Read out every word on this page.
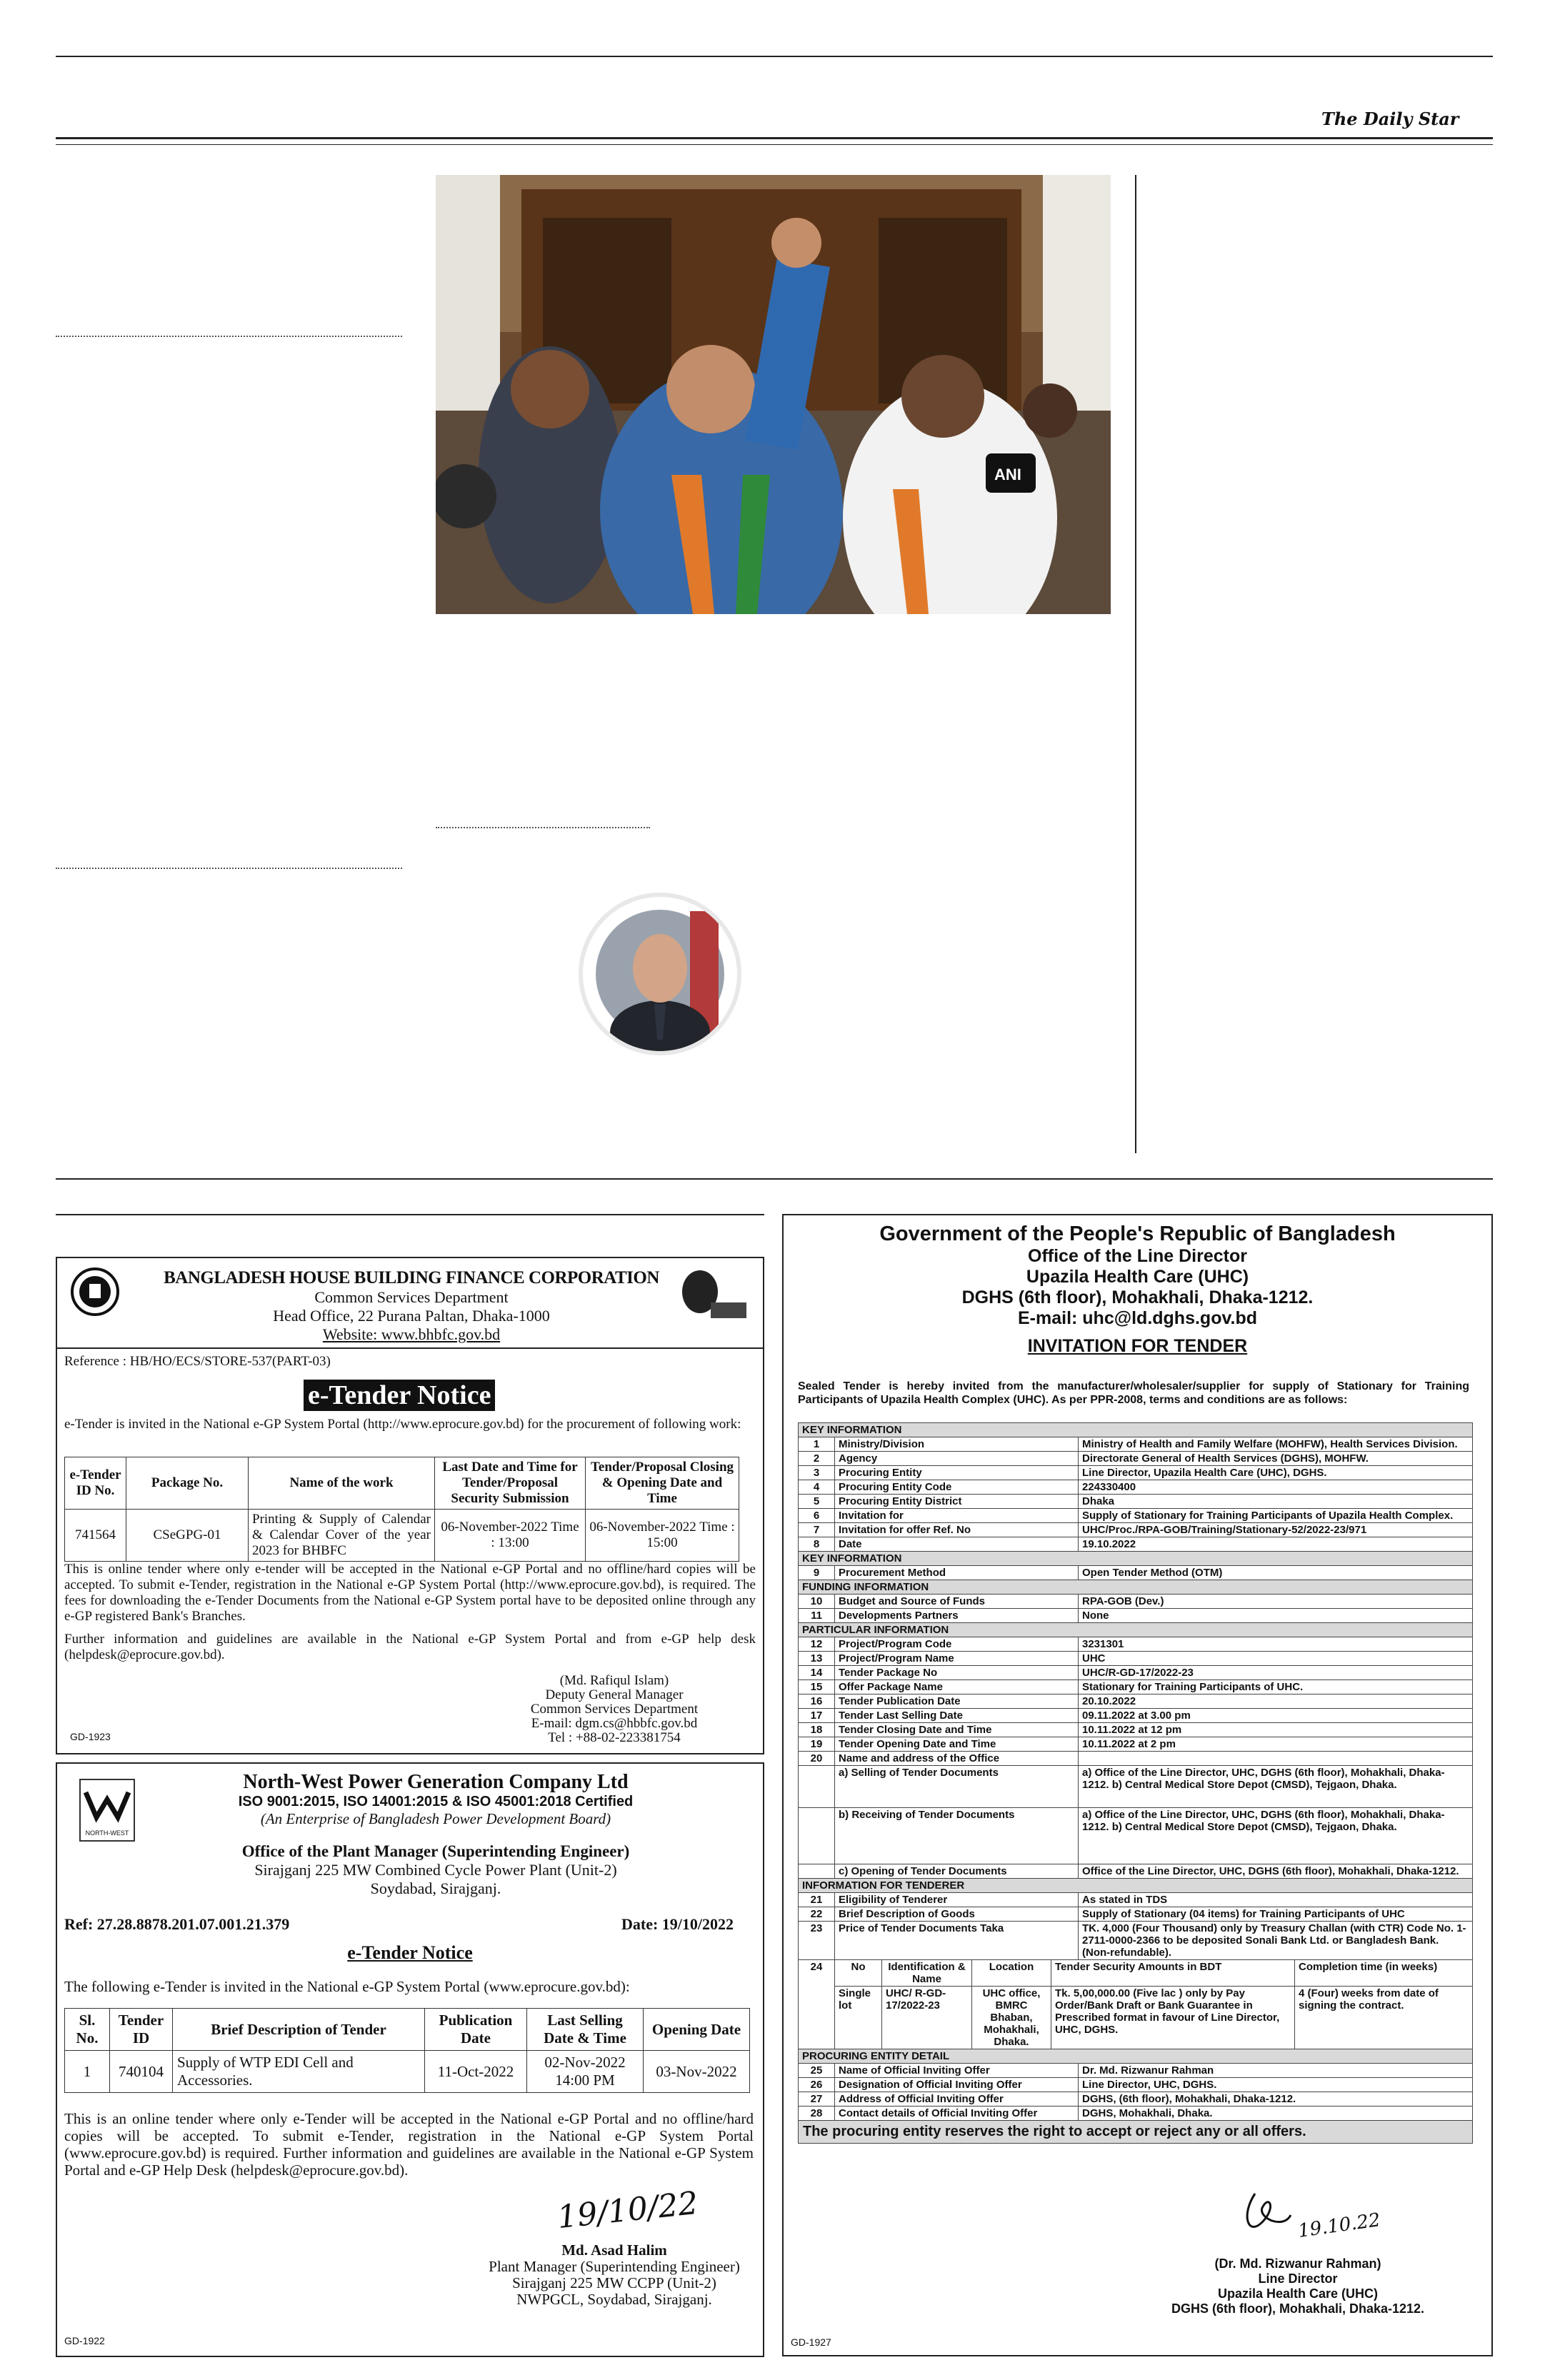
The Daily Star
ANI
BANGLADESH HOUSE BUILDING FINANCE CORPORATION
Common Services Department
Head Office, 22 Purana Paltan, Dhaka-1000
Website: www.bhbfc.gov.bd
Reference : HB/HO/ECS/STORE-537(PART-03)
e-Tender Notice
e-Tender is invited in the National e-GP System Portal (http://www.eprocure.gov.bd) for the procurement of following work:
e-Tender ID No.	Package No.	Name of the work	Last Date and Time for Tender/Proposal Security Submission	Tender/Proposal Closing & Opening Date and Time
741564	CSeGPG-01	Printing & Supply of Calendar & Calendar Cover of the year 2023 for BHBFC	06-November-2022 Time : 13:00	06-November-2022 Time : 15:00
This is online tender where only e-tender will be accepted in the National e-GP Portal and no offline/hard copies will be accepted. To submit e-Tender, registration in the National e-GP System Portal (http://www.eprocure.gov.bd), is required. The fees for downloading the e-Tender Documents from the National e-GP System portal have to be deposited online through any e-GP registered Bank's Branches.
Further information and guidelines are available in the National e-GP System Portal and from e-GP help desk (helpdesk@eprocure.gov.bd).
(Md. Rafiqul Islam)
Deputy General Manager
Common Services Department
E-mail: dgm.cs@hbbfc.gov.bd
Tel : +88-02-223381754
GD-1923
NORTH-WEST
North-West Power Generation Company Ltd
ISO 9001:2015, ISO 14001:2015 & ISO 45001:2018 Certified
(An Enterprise of Bangladesh Power Development Board)
Office of the Plant Manager (Superintending Engineer)
Sirajganj 225 MW Combined Cycle Power Plant (Unit-2)
Soydabad, Sirajganj.
Ref: 27.28.8878.201.07.001.21.379	Date: 19/10/2022
e-Tender Notice
The following e-Tender is invited in the National e-GP System Portal (www.eprocure.gov.bd):
Sl. No.	Tender ID	Brief Description of Tender	Publication Date	Last Selling Date & Time	Opening Date
1	740104	Supply of WTP EDI Cell and Accessories.	11-Oct-2022	02-Nov-2022 14:00 PM	03-Nov-2022
This is an online tender where only e-Tender will be accepted in the National e-GP Portal and no offline/hard copies will be accepted. To submit e-Tender, registration in the National e-GP System Portal (www.eprocure.gov.bd) is required. Further information and guidelines are available in the National e-GP System Portal and e-GP Help Desk (helpdesk@eprocure.gov.bd).
19/10/22
Md. Asad Halim
Plant Manager (Superintending Engineer)
Sirajganj 225 MW CCPP (Unit-2)
NWPGCL, Soydabad, Sirajganj.
GD-1922
Government of the People's Republic of Bangladesh
Office of the Line Director
Upazila Health Care (UHC)
DGHS (6th floor), Mohakhali, Dhaka-1212.
E-mail: uhc@ld.dghs.gov.bd
INVITATION FOR TENDER
Sealed Tender is hereby invited from the manufacturer/wholesaler/supplier for supply of Stationary for Training Participants of Upazila Health Complex (UHC). As per PPR-2008, terms and conditions are as follows:
KEY INFORMATION
1	Ministry/Division	Ministry of Health and Family Welfare (MOHFW), Health Services Division.
2	Agency	Directorate General of Health Services (DGHS), MOHFW.
3	Procuring Entity	Line Director, Upazila Health Care (UHC), DGHS.
4	Procuring Entity Code	224330400
5	Procuring Entity District	Dhaka
6	Invitation for	Supply of Stationary for Training Participants of Upazila Health Complex.
7	Invitation for offer Ref. No	UHC/Proc./RPA-GOB/Training/Stationary-52/2022-23/971
8	Date	19.10.2022
KEY INFORMATION
9	Procurement Method	Open Tender Method (OTM)
FUNDING INFORMATION
10	Budget and Source of Funds	RPA-GOB (Dev.)
11	Developments Partners	None
PARTICULAR INFORMATION
12	Project/Program Code	3231301
13	Project/Program Name	UHC
14	Tender Package No	UHC/R-GD-17/2022-23
15	Offer Package Name	Stationary for Training Participants of UHC.
16	Tender Publication Date	20.10.2022
17	Tender Last Selling Date	09.11.2022 at 3.00 pm
18	Tender Closing Date and Time	10.11.2022 at 12 pm
19	Tender Opening Date and Time	10.11.2022 at 2 pm
20	Name and address of the Office	
	a) Selling of Tender Documents	a) Office of the Line Director, UHC, DGHS (6th floor), Mohakhali, Dhaka-1212. b) Central Medical Store Depot (CMSD), Tejgaon, Dhaka.
	b) Receiving of Tender Documents	a) Office of the Line Director, UHC, DGHS (6th floor), Mohakhali, Dhaka-1212. b) Central Medical Store Depot (CMSD), Tejgaon, Dhaka.
	c) Opening of Tender Documents	Office of the Line Director, UHC, DGHS (6th floor), Mohakhali, Dhaka-1212.
INFORMATION FOR TENDERER
21	Eligibility of Tenderer	As stated in TDS
22	Brief Description of Goods	Supply of Stationary (04 items) for Training Participants of UHC
23	Price of Tender Documents Taka	TK. 4,000 (Four Thousand) only by Treasury Challan (with CTR) Code No. 1-2711-0000-2366 to be deposited Sonali Bank Ltd. or Bangladesh Bank. (Non-refundable).
24		No	Identification & Name	Location	Tender Security Amounts in BDT	Completion time (in weeks)
Single lot	UHC/ R-GD-17/2022-23	UHC office, BMRC Bhaban, Mohakhali, Dhaka.	Tk. 5,00,000.00 (Five lac ) only by Pay Order/Bank Draft or Bank Guarantee in Prescribed format in favour of Line Director, UHC, DGHS.	4 (Four) weeks from date of signing the contract.

PROCURING ENTITY DETAIL
25	Name of Official Inviting Offer	Dr. Md. Rizwanur Rahman
26	Designation of Official Inviting Offer	Line Director, UHC, DGHS.
27	Address of Official Inviting Offer	DGHS, (6th floor), Mohakhali, Dhaka-1212.
28	Contact details of Official Inviting Offer	DGHS, Mohakhali, Dhaka.
The procuring entity reserves the right to accept or reject any or all offers.
19.10.22
(Dr. Md. Rizwanur Rahman)
Line Director
Upazila Health Care (UHC)
DGHS (6th floor), Mohakhali, Dhaka-1212.
GD-1927
